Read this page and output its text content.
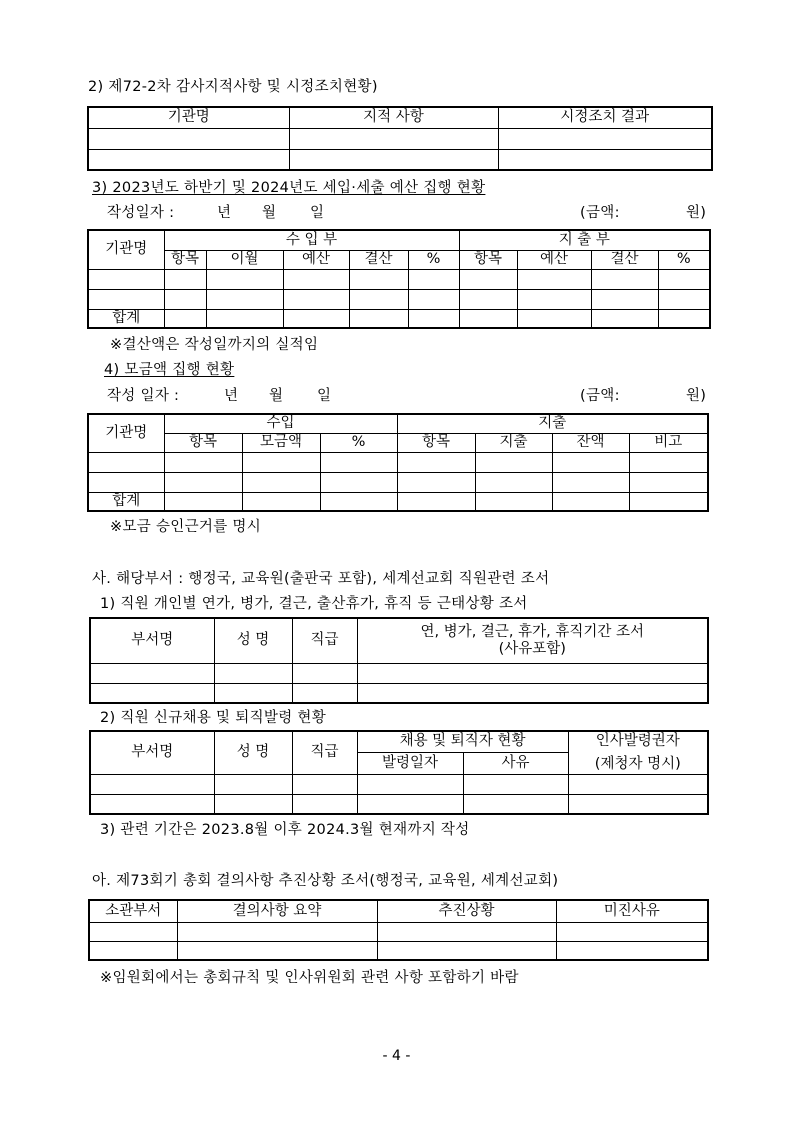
2) 제72-2차 감사지적사항 및 시정조치현황)
기관명	지적 사항	시정조치 결과

3) 2023년도 하반기 및 2024년도 세입·세출 예산 집행 현황
작성일자 :	년 월 일	(금액:	원)
기관명	수 입 부					지 출 부			
	항목	이월	예산	결산	%	항목	예산	결산	%

합계									
※결산액은 작성일까지의 실적임
4) 모금액 집행 현황
작성 일자 :	년 월 일	(금액:	원)
기관명	수입			지출			
	항목	모금액	%	항목	지출	잔액	비고

합계							
※모금 승인근거를 명시
사. 해당부서 : 행정국, 교육원(출판국 포함), 세계선교회 직원관련 조서
1) 직원 개인별 연가, 병가, 결근, 출산휴가, 휴직 등 근태상황 조서
부서명	성 명	직급	연, 병가, 결근, 휴가, 휴직기간 조서
(사유포함)

2) 직원 신규채용 및 퇴직발령 현황
부서명	성 명	직급	채용 및 퇴직자 현황		인사발령권자
(제청자 명시)

			발령일자	사유	

3) 관련 기간은 2023.8월 이후 2024.3월 현재까지 작성
아. 제73회기 총회 결의사항 추진상황 조서(행정국, 교육원, 세계선교회)
소관부서	결의사항 요약	추진상황	미진사유

※임원회에서는 총회규칙 및 인사위원회 관련 사항 포함하기 바람
- 4 -
